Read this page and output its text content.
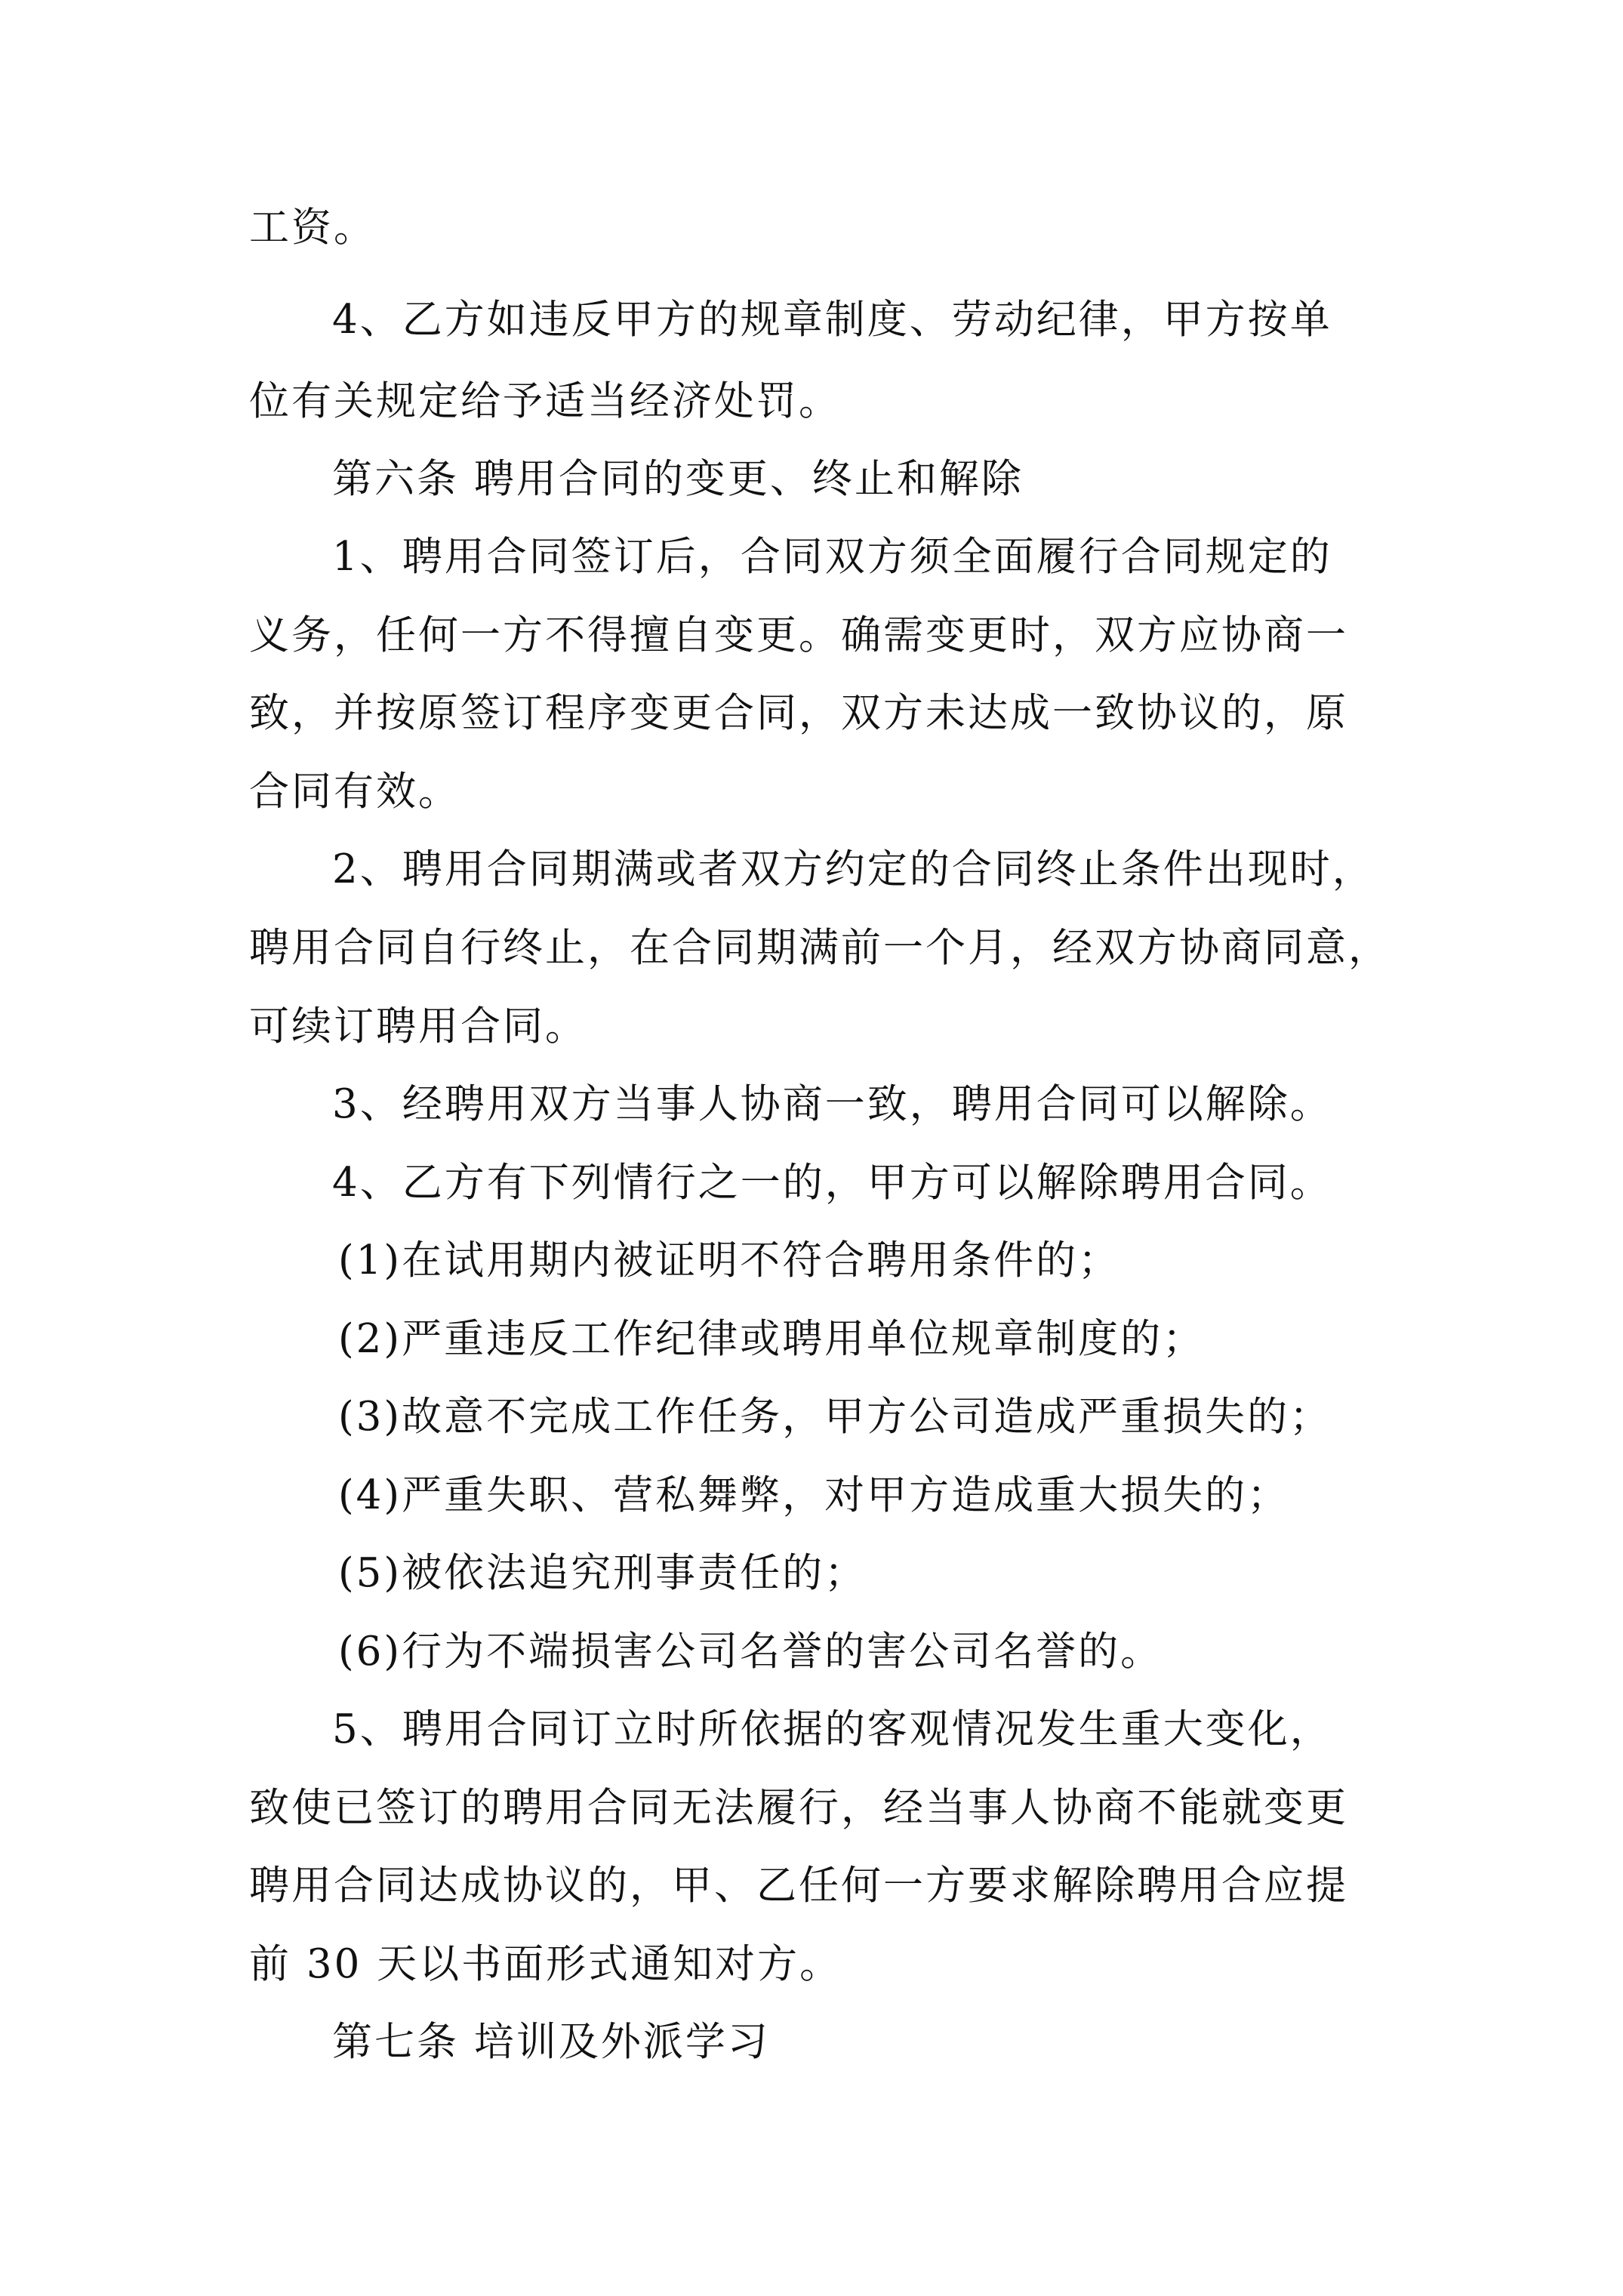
工资。
4、乙方如违反甲方的规章制度、劳动纪律，甲方按单
位有关规定给予适当经济处罚。
第六条 聘用合同的变更、终止和解除
1、聘用合同签订后，合同双方须全面履行合同规定的
义务，任何一方不得擅自变更。确需变更时，双方应协商一
致，并按原签订程序变更合同，双方未达成一致协议的，原
合同有效。
2、聘用合同期满或者双方约定的合同终止条件出现时，
聘用合同自行终止，在合同期满前一个月，经双方协商同意，
可续订聘用合同。
3、经聘用双方当事人协商一致，聘用合同可以解除。
4、乙方有下列情行之一的，甲方可以解除聘用合同。
(1)在试用期内被证明不符合聘用条件的；
(2)严重违反工作纪律或聘用单位规章制度的；
(3)故意不完成工作任务，甲方公司造成严重损失的；
(4)严重失职、营私舞弊，对甲方造成重大损失的；
(5)被依法追究刑事责任的；
(6)行为不端损害公司名誉的害公司名誉的。
5、聘用合同订立时所依据的客观情况发生重大变化，
致使已签订的聘用合同无法履行，经当事人协商不能就变更
聘用合同达成协议的，甲、乙任何一方要求解除聘用合应提
前 30 天以书面形式通知对方。
第七条 培训及外派学习
